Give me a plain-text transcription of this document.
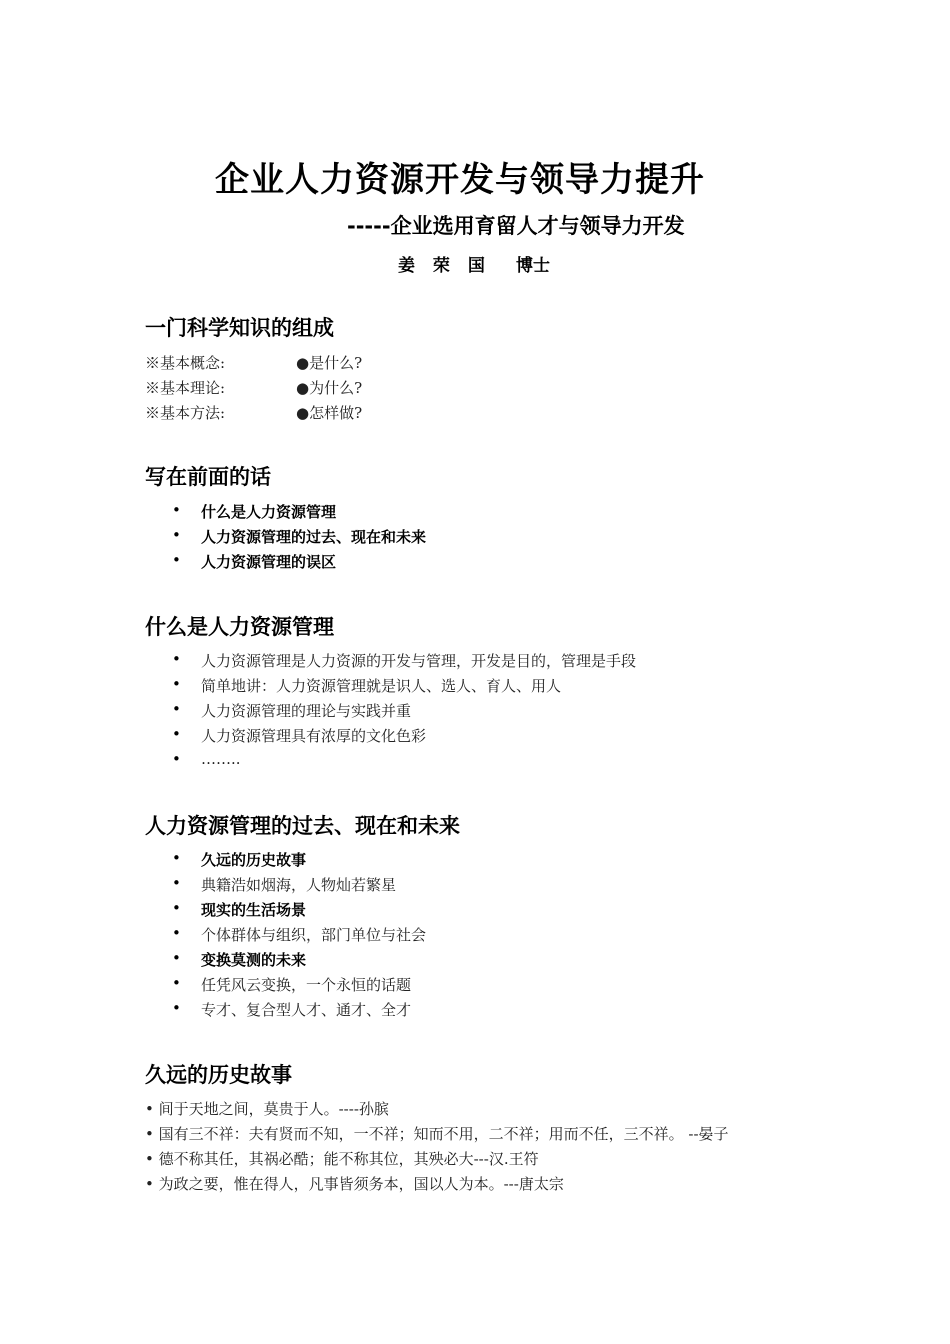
企业人力资源开发与领导力提升
-----企业选用育留人才与领导力开发
姜 荣 国 博士
一门科学知识的组成
※基本概念:	●是什么?
※基本理论:	●为什么?
※基本方法:	●怎样做?
写在前面的话
• 什么是人力资源管理
• 人力资源管理的过去、现在和未来
• 人力资源管理的误区
什么是人力资源管理
• 人力资源管理是人力资源的开发与管理，开发是目的，管理是手段
• 简单地讲：人力资源管理就是识人、选人、育人、用人
• 人力资源管理的理论与实践并重
• 人力资源管理具有浓厚的文化色彩
• ……..
人力资源管理的过去、现在和未来
• 久远的历史故事
• 典籍浩如烟海，人物灿若繁星
• 现实的生活场景
• 个体群体与组织，部门单位与社会
• 变换莫测的未来
• 任凭风云变换，一个永恒的话题
• 专才、复合型人才、通才、全才
久远的历史故事
• 间于天地之间，莫贵于人。----孙膑
• 国有三不祥：夫有贤而不知，一不祥；知而不用，二不祥；用而不任，三不祥。 --晏子
• 德不称其任，其祸必酷；能不称其位，其殃必大---汉.王符
• 为政之要，惟在得人，凡事皆须务本，国以人为本。---唐太宗
